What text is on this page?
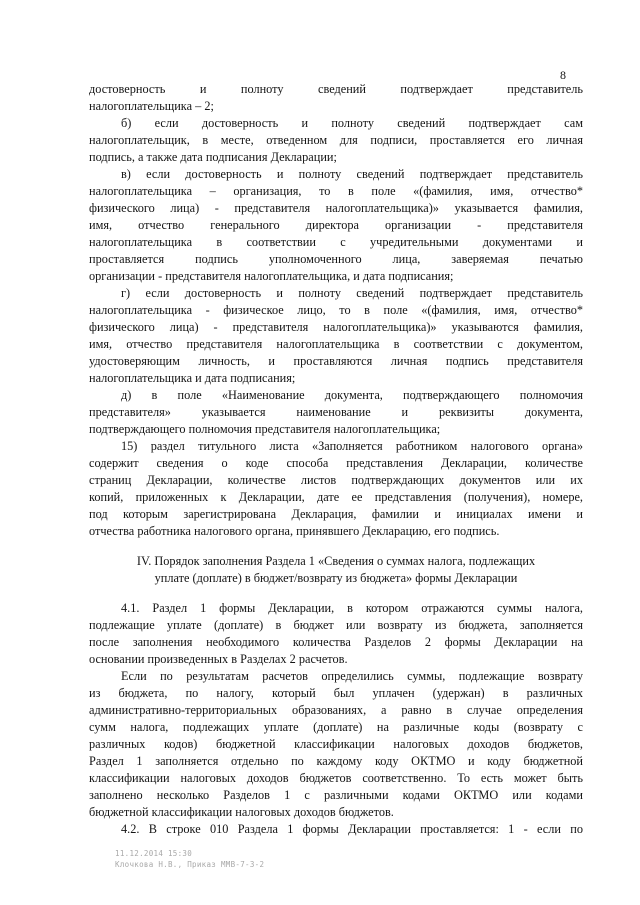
8
достоверность и полноту сведений подтверждает представитель
налогоплательщика – 2;
б) если достоверность и полноту сведений подтверждает сам
налогоплательщик, в месте, отведенном для подписи, проставляется его личная
подпись, а также дата подписания Декларации;
в) если достоверность и полноту сведений подтверждает представитель
налогоплательщика – организация, то в поле «(фамилия, имя, отчество*
физического лица) - представителя налогоплательщика)» указывается фамилия,
имя, отчество генерального директора организации - представителя
налогоплательщика в соответствии с учредительными документами и
проставляется подпись уполномоченного лица, заверяемая печатью
организации - представителя налогоплательщика, и дата подписания;
г) если достоверность и полноту сведений подтверждает представитель
налогоплательщика - физическое лицо, то в поле «(фамилия, имя, отчество*
физического лица) - представителя налогоплательщика)» указываются фамилия,
имя, отчество представителя налогоплательщика в соответствии с документом,
удостоверяющим личность, и проставляются личная подпись представителя
налогоплательщика и дата подписания;
д) в поле «Наименование документа, подтверждающего полномочия
представителя» указывается наименование и реквизиты документа,
подтверждающего полномочия представителя налогоплательщика;
15) раздел титульного листа «Заполняется работником налогового органа»
содержит сведения о коде способа представления Декларации, количестве
страниц Декларации, количестве листов подтверждающих документов или их
копий, приложенных к Декларации, дате ее представления (получения), номере,
под которым зарегистрирована Декларация, фамилии и инициалах имени и
отчества работника налогового органа, принявшего Декларацию, его подпись.
IV. Порядок заполнения Раздела 1 «Сведения о суммах налога, подлежащих
уплате (доплате) в бюджет/возврату из бюджета» формы Декларации
4.1. Раздел 1 формы Декларации, в котором отражаются суммы налога,
подлежащие уплате (доплате) в бюджет или возврату из бюджета, заполняется
после заполнения необходимого количества Разделов 2 формы Декларации на
основании произведенных в Разделах 2 расчетов.
Если по результатам расчетов определились суммы, подлежащие возврату
из бюджета, по налогу, который был уплачен (удержан) в различных
административно-территориальных образованиях, а равно в случае определения
сумм налога, подлежащих уплате (доплате) на различные коды (возврату с
различных кодов) бюджетной классификации налоговых доходов бюджетов,
Раздел 1 заполняется отдельно по каждому коду ОКТМО и коду бюджетной
классификации налоговых доходов бюджетов соответственно. То есть может быть
заполнено несколько Разделов 1 с различными кодами ОКТМО или кодами
бюджетной классификации налоговых доходов бюджетов.
4.2. В строке 010 Раздела 1 формы Декларации проставляется: 1 - если по
11.12.2014 15:30
Клочкова Н.В., Приказ ММВ-7-3-2
